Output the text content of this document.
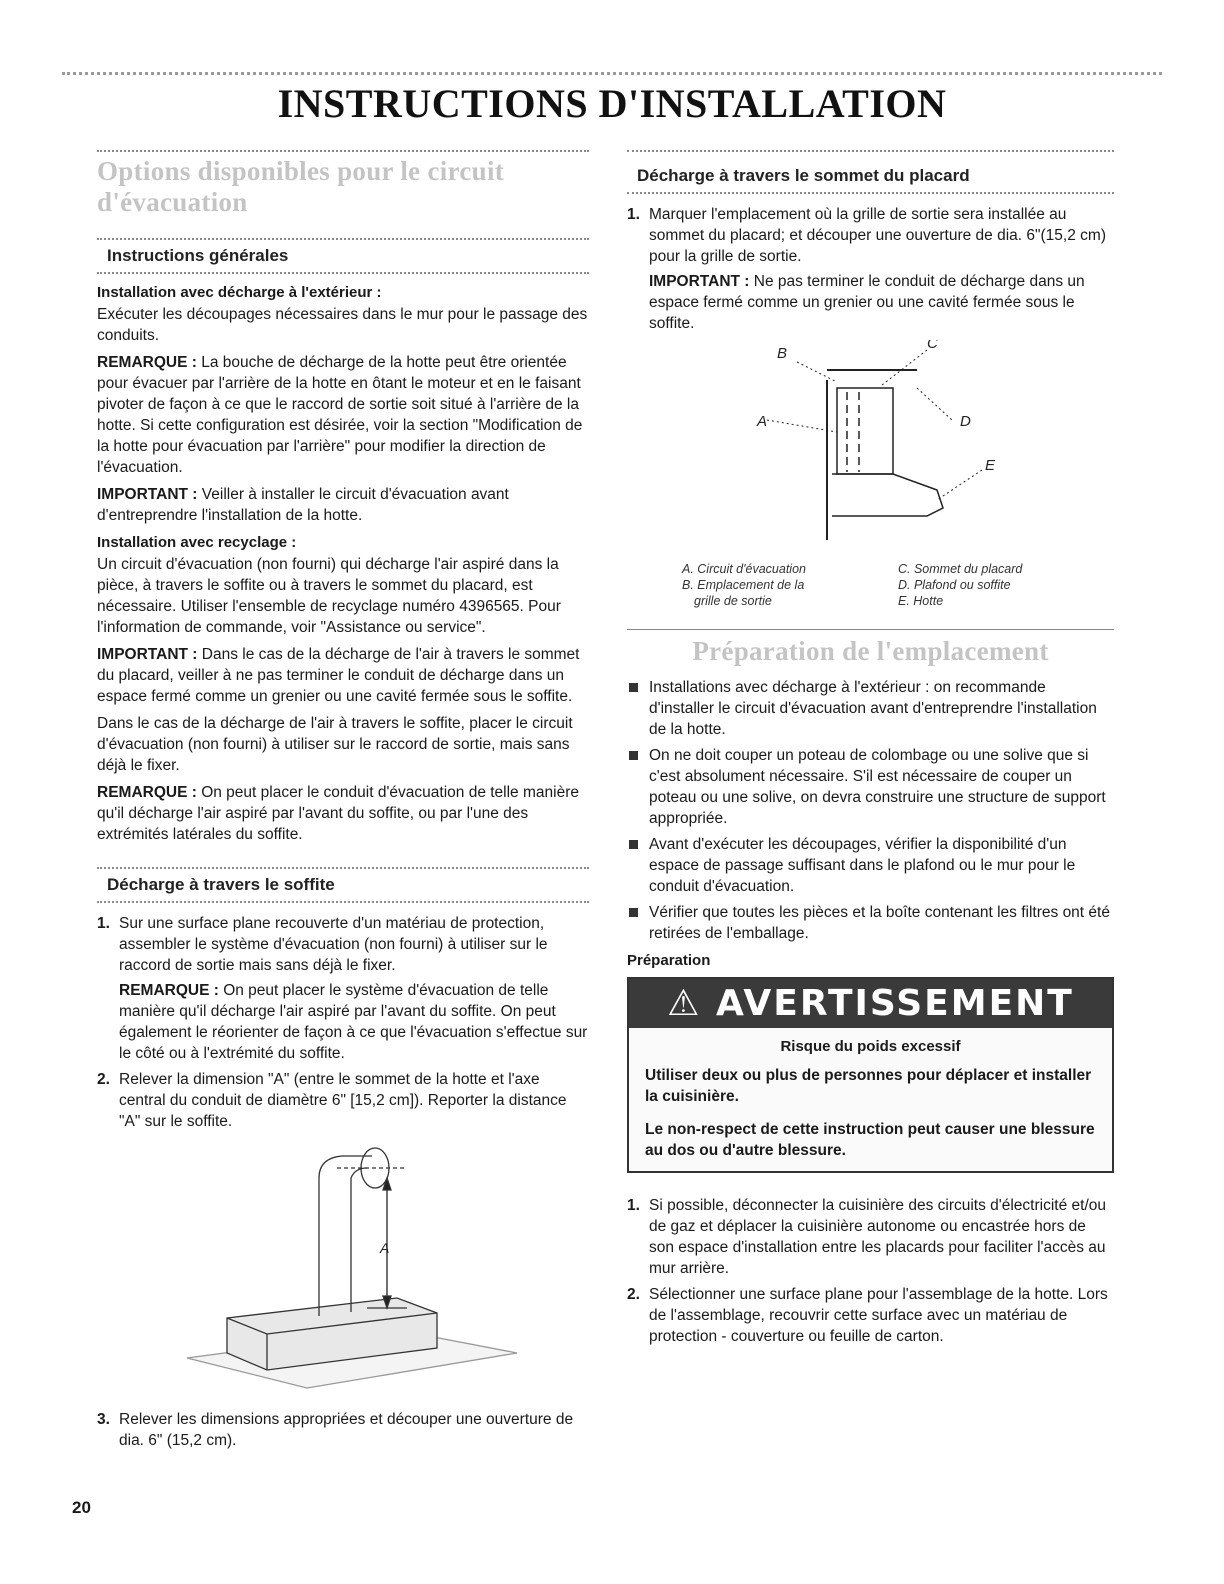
INSTRUCTIONS D'INSTALLATION
Options disponibles pour le circuit d'évacuation
Instructions générales
Installation avec décharge à l'extérieur :

Exécuter les découpages nécessaires dans le mur pour le passage des conduits.

REMARQUE : La bouche de décharge de la hotte peut être orientée pour évacuer par l'arrière de la hotte en ôtant le moteur et en le faisant pivoter de façon à ce que le raccord de sortie soit situé à l'arrière de la hotte. Si cette configuration est désirée, voir la section "Modification de la hotte pour évacuation par l'arrière" pour modifier la direction de l'évacuation.

IMPORTANT : Veiller à installer le circuit d'évacuation avant d'entreprendre l'installation de la hotte.

Installation avec recyclage :

Un circuit d'évacuation (non fourni) qui décharge l'air aspiré dans la pièce, à travers le soffite ou à travers le sommet du placard, est nécessaire. Utiliser l'ensemble de recyclage numéro 4396565. Pour l'information de commande, voir "Assistance ou service".

IMPORTANT : Dans le cas de la décharge de l'air à travers le sommet du placard, veiller à ne pas terminer le conduit de décharge dans un espace fermé comme un grenier ou une cavité fermée sous le soffite.

Dans le cas de la décharge de l'air à travers le soffite, placer le circuit d'évacuation (non fourni) à utiliser sur le raccord de sortie, mais sans déjà le fixer.

REMARQUE : On peut placer le conduit d'évacuation de telle manière qu'il décharge l'air aspiré par l'avant du soffite, ou par l'une des extrémités latérales du soffite.

Décharge à travers le soffite
1. Sur une surface plane recouverte d'un matériau de protection, assembler le système d'évacuation (non fourni) à utiliser sur le raccord de sortie mais sans déjà le fixer.

REMARQUE : On peut placer le système d'évacuation de telle manière qu'il décharge l'air aspiré par l'avant du soffite. On peut également le réorienter de façon à ce que l'évacuation s'effectue sur le côté ou à l'extrémité du soffite.

2. Relever la dimension "A" (entre le sommet de la hotte et l'axe central du conduit de diamètre 6" [15,2 cm]). Reporter la distance "A" sur le soffite.
A
3. Relever les dimensions appropriées et découper une ouverture de dia. 6" (15,2 cm).
Décharge à travers le sommet du placard
1. Marquer l'emplacement où la grille de sortie sera installée au sommet du placard; et découper une ouverture de dia. 6"(15,2 cm) pour la grille de sortie.

IMPORTANT : Ne pas terminer le conduit de décharge dans un espace fermé comme un grenier ou une cavité fermée sous le soffite.

B
C
A	D
E
A. Circuit d'évacuation
B. Emplacement de la
grille de sortie
C. Sommet du placard
D. Plafond ou soffite
E. Hotte
Préparation de l'emplacement
Installations avec décharge à l'extérieur : on recommande d'installer le circuit d'évacuation avant d'entreprendre l'installation de la hotte.
On ne doit couper un poteau de colombage ou une solive que si c'est absolument nécessaire. S'il est nécessaire de couper un poteau ou une solive, on devra construire une structure de support appropriée.
Avant d'exécuter les découpages, vérifier la disponibilité d'un espace de passage suffisant dans le plafond ou le mur pour le conduit d'évacuation.
Vérifier que toutes les pièces et la boîte contenant les filtres ont été retirées de l'emballage.
Préparation
⚠ AVERTISSEMENT
Risque du poids excessif

Utiliser deux ou plus de personnes pour déplacer et installer la cuisinière.

Le non-respect de cette instruction peut causer une blessure au dos ou d'autre blessure.

1. Si possible, déconnecter la cuisinière des circuits d'électricité et/ou de gaz et déplacer la cuisinière autonome ou encastrée hors de son espace d'installation entre les placards pour faciliter l'accès au mur arrière.
2. Sélectionner une surface plane pour l'assemblage de la hotte. Lors de l'assemblage, recouvrir cette surface avec un matériau de protection - couverture ou feuille de carton.
20
